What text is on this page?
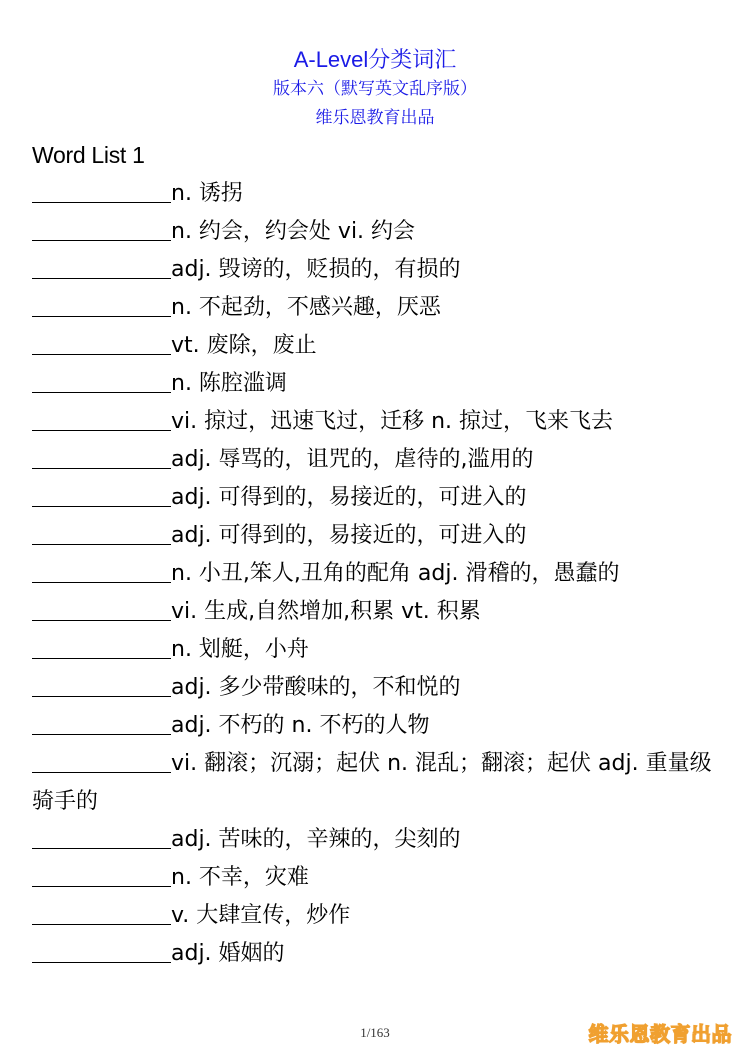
A-Level分类词汇
版本六（默写英文乱序版）
维乐恩教育出品
Word List 1
n. 诱拐
n. 约会，约会处 vi. 约会
adj. 毁谤的，贬损的，有损的
n. 不起劲，不感兴趣，厌恶
vt. 废除，废止
n. 陈腔滥调
vi. 掠过，迅速飞过，迁移 n. 掠过，飞来飞去
adj. 辱骂的，诅咒的，虐待的,滥用的
adj. 可得到的，易接近的，可进入的
adj. 可得到的，易接近的，可进入的
n. 小丑,笨人,丑角的配角 adj. 滑稽的，愚蠢的
vi. 生成,自然增加,积累 vt. 积累
n. 划艇，小舟
adj. 多少带酸味的，不和悦的
adj. 不朽的 n. 不朽的人物
vi. 翻滚；沉溺；起伏 n. 混乱；翻滚；起伏 adj. 重量级骑手的
adj. 苦味的，辛辣的，尖刻的
n. 不幸，灾难
v. 大肆宣传，炒作
adj. 婚姻的
1/163	维乐恩教育出品
